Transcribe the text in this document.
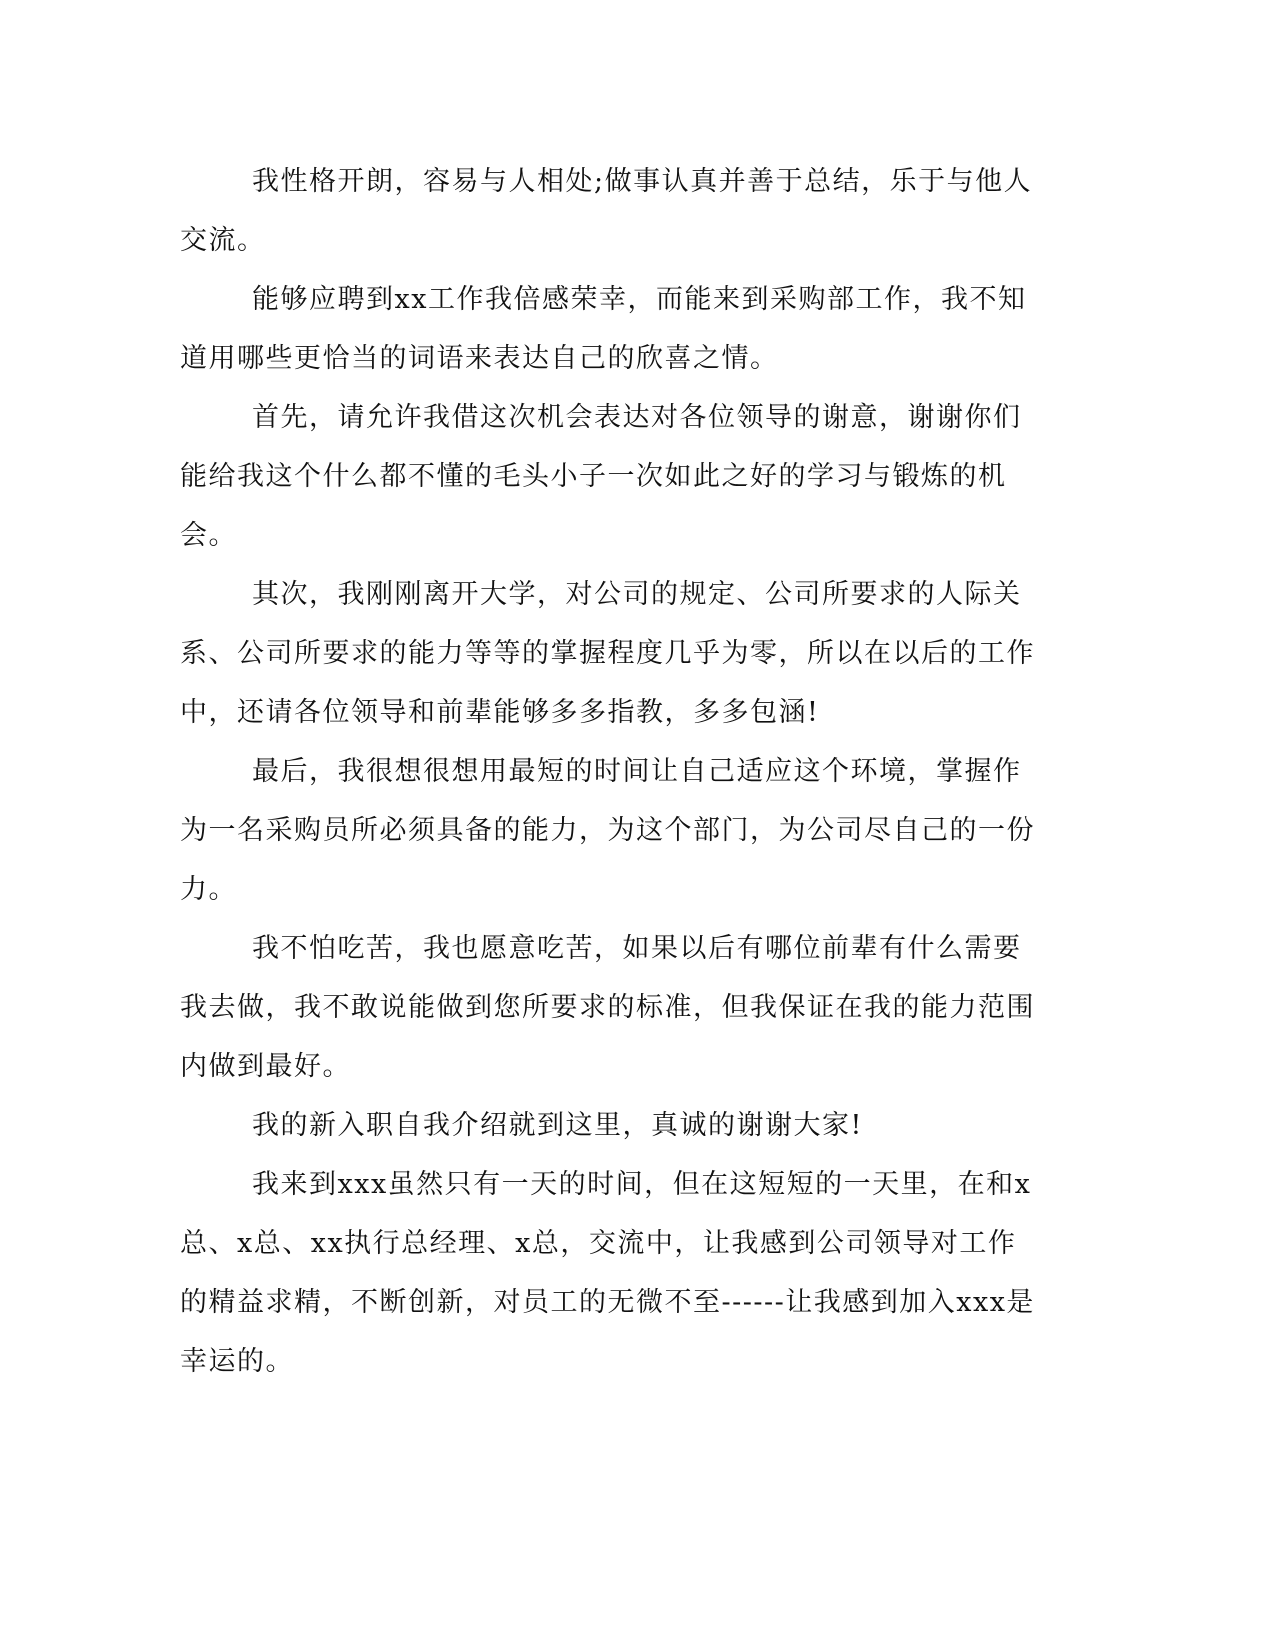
我性格开朗，容易与人相处;做事认真并善于总结，乐于与他人交流。

能够应聘到xx工作我倍感荣幸，而能来到采购部工作，我不知道用哪些更恰当的词语来表达自己的欣喜之情。

首先，请允许我借这次机会表达对各位领导的谢意，谢谢你们能给我这个什么都不懂的毛头小子一次如此之好的学习与锻炼的机会。

其次，我刚刚离开大学，对公司的规定、公司所要求的人际关系、公司所要求的能力等等的掌握程度几乎为零，所以在以后的工作中，还请各位领导和前辈能够多多指教，多多包涵!

最后，我很想很想用最短的时间让自己适应这个环境，掌握作为一名采购员所必须具备的能力，为这个部门，为公司尽自己的一份力。

我不怕吃苦，我也愿意吃苦，如果以后有哪位前辈有什么需要我去做，我不敢说能做到您所要求的标准，但我保证在我的能力范围内做到最好。

我的新入职自我介绍就到这里，真诚的谢谢大家!

我来到xxx虽然只有一天的时间，但在这短短的一天里，在和x总、x总、xx执行总经理、x总，交流中，让我感到公司领导对工作的精益求精，不断创新，对员工的无微不至------让我感到加入xxx是幸运的。
